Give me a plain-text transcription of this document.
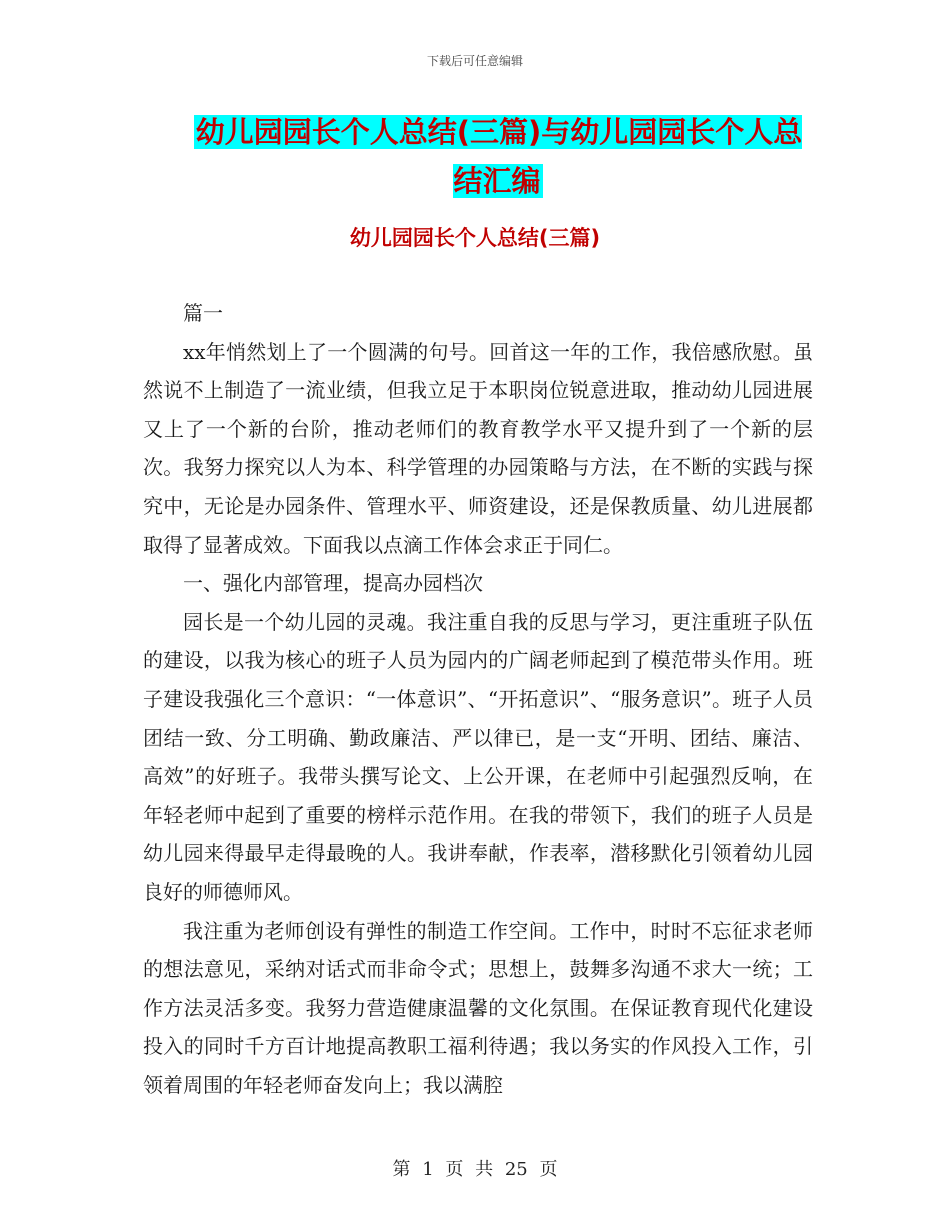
下载后可任意编辑
幼儿园园长个人总结(三篇)与幼儿园园长个人总结汇编
幼儿园园长个人总结(三篇)

篇一

xx年悄然划上了一个圆满的句号。回首这一年的工作，我倍感欣慰。虽然说不上制造了一流业绩，但我立足于本职岗位锐意进取，推动幼儿园进展又上了一个新的台阶，推动老师们的教育教学水平又提升到了一个新的层次。我努力探究以人为本、科学管理的办园策略与方法，在不断的实践与探究中，无论是办园条件、管理水平、师资建设，还是保教质量、幼儿进展都取得了显著成效。下面我以点滴工作体会求正于同仁。

一、强化内部管理，提高办园档次

园长是一个幼儿园的灵魂。我注重自我的反思与学习，更注重班子队伍的建设，以我为核心的班子人员为园内的广阔老师起到了模范带头作用。班子建设我强化三个意识：“一体意识”、“开拓意识”、“服务意识”。班子人员团结一致、分工明确、勤政廉洁、严以律已，是一支“开明、团结、廉洁、高效”的好班子。我带头撰写论文、上公开课，在老师中引起强烈反响，在年轻老师中起到了重要的榜样示范作用。在我的带领下，我们的班子人员是幼儿园来得最早走得最晚的人。我讲奉献，作表率，潜移默化引领着幼儿园良好的师德师风。

我注重为老师创设有弹性的制造工作空间。工作中，时时不忘征求老师的想法意见，采纳对话式而非命令式；思想上，鼓舞多沟通不求大一统；工作方法灵活多变。我努力营造健康温馨的文化氛围。在保证教育现代化建设投入的同时千方百计地提高教职工福利待遇；我以务实的作风投入工作，引领着周围的年轻老师奋发向上；我以满腔

第 1 页 共 25 页
